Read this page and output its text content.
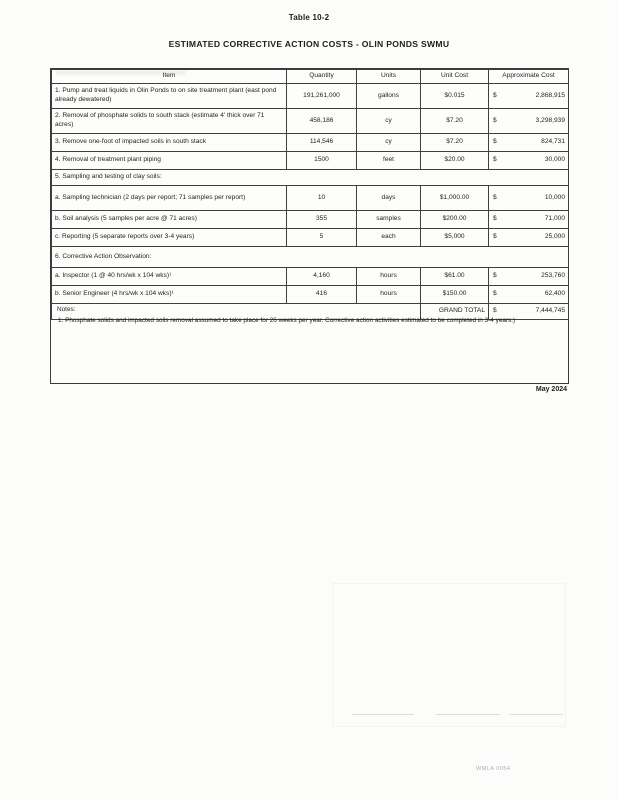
Table 10-2
ESTIMATED CORRECTIVE ACTION COSTS - OLIN PONDS SWMU
Item	Quantity	Units	Unit Cost	Approximate Cost
1. Pump and treat liquids in Olin Ponds to on site treatment plant (east pond already dewatered)	191,261,000	gallons	$0.015	$ 2,868,915
2. Removal of phosphate solids to south stack (estimate 4' thick over 71 acres)	458,186	cy	$7.20	$ 3,298,939
3. Remove one-foot of impacted soils in south stack	114,546	cy	$7.20	$ 824,731
4. Removal of treatment plant piping	1500	feet	$20.00	$ 30,000
5. Sampling and testing of clay soils:				
a. Sampling technician (2 days per report; 71 samples per report)	10	days	$1,000.00	$ 10,000
b. Soil analysis (5 samples per acre @ 71 acres)	355	samples	$200.00	$ 71,000
c. Reporting (5 separate reports over 3-4 years)	5	each	$5,000	$ 25,000
6. Corrective Action Observation:				
a. Inspector (1 @ 40 hrs/wk x 104 wks)¹	4,160	hours	$61.00	$ 253,760
b. Senior Engineer (4 hrs/wk x 104 wks)¹	416	hours	$150.00	$ 62,400
			GRAND TOTAL	$ 7,444,745
Notes:
1. Phosphate solids and impacted soils removal assumed to take place for 26 weeks per year. Corrective action activities estimated to be completed in 3-4 years.)
May 2024
WMLA 0054
